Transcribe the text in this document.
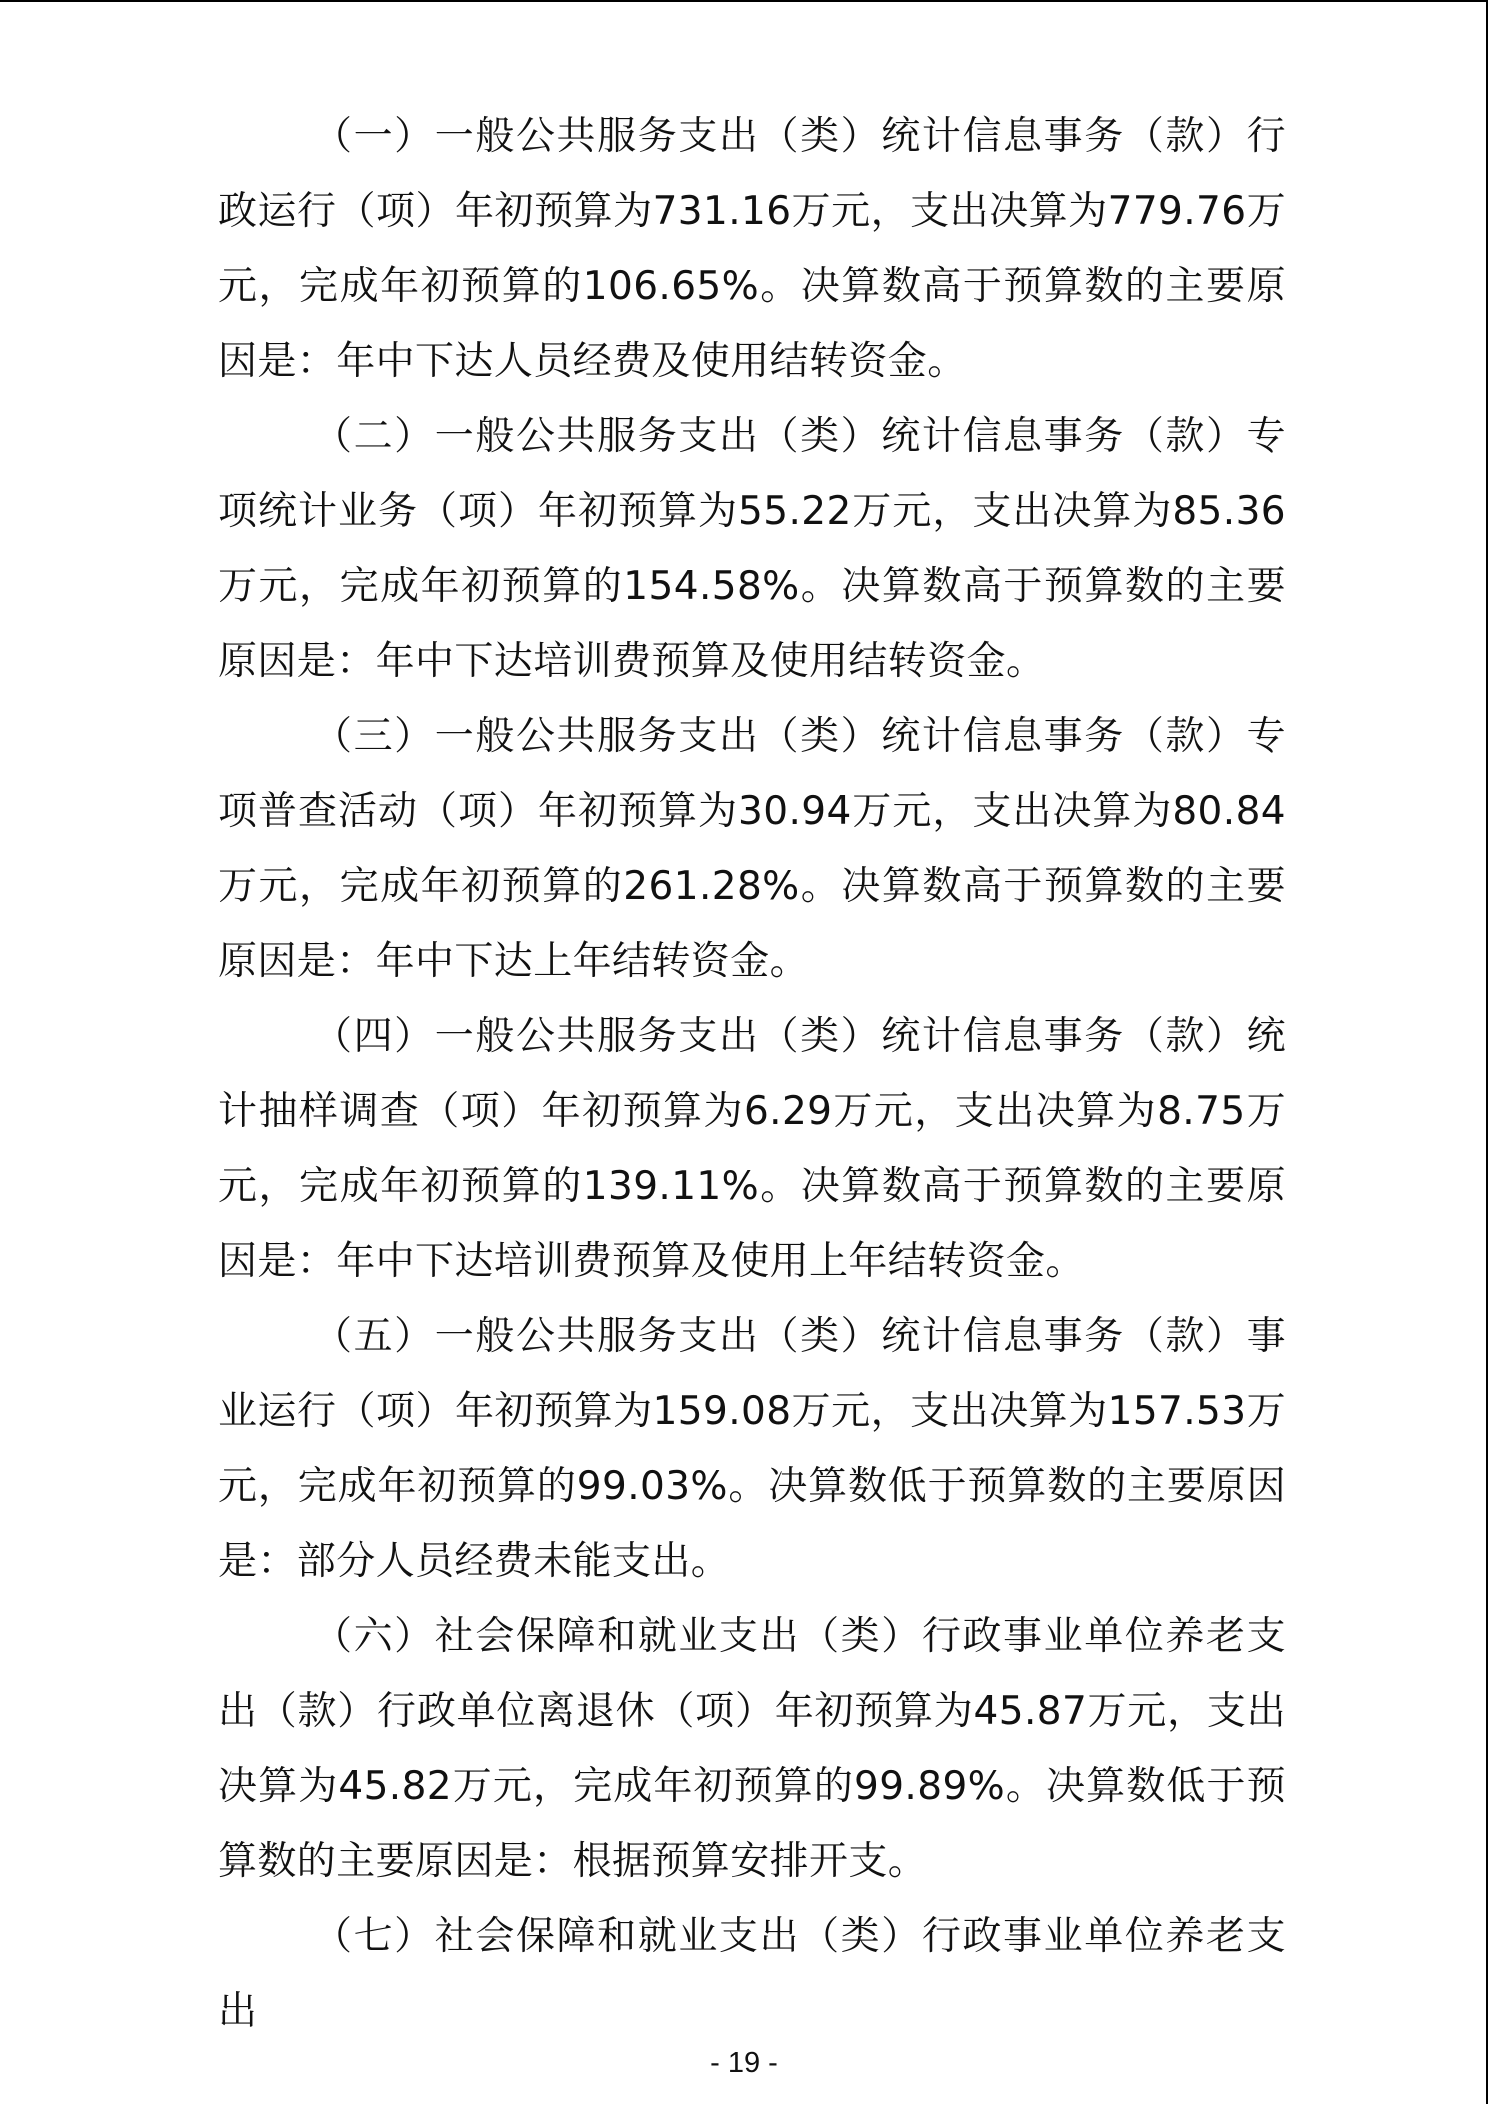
（一）一般公共服务支出（类）统计信息事务（款）行政运行（项）年初预算为731.16万元，支出决算为779.76万元，完成年初预算的106.65%。决算数高于预算数的主要原因是：年中下达人员经费及使用结转资金。

（二）一般公共服务支出（类）统计信息事务（款）专项统计业务（项）年初预算为55.22万元，支出决算为85.36万元，完成年初预算的154.58%。决算数高于预算数的主要原因是：年中下达培训费预算及使用结转资金。

（三）一般公共服务支出（类）统计信息事务（款）专项普查活动（项）年初预算为30.94万元，支出决算为80.84万元，完成年初预算的261.28%。决算数高于预算数的主要原因是：年中下达上年结转资金。

（四）一般公共服务支出（类）统计信息事务（款）统计抽样调查（项）年初预算为6.29万元，支出决算为8.75万元，完成年初预算的139.11%。决算数高于预算数的主要原因是：年中下达培训费预算及使用上年结转资金。

（五）一般公共服务支出（类）统计信息事务（款）事业运行（项）年初预算为159.08万元，支出决算为157.53万元，完成年初预算的99.03%。决算数低于预算数的主要原因是：部分人员经费未能支出。

（六）社会保障和就业支出（类）行政事业单位养老支出（款）行政单位离退休（项）年初预算为45.87万元，支出决算为45.82万元，完成年初预算的99.89%。决算数低于预算数的主要原因是：根据预算安排开支。

（七）社会保障和就业支出（类）行政事业单位养老支出

- 19 -
